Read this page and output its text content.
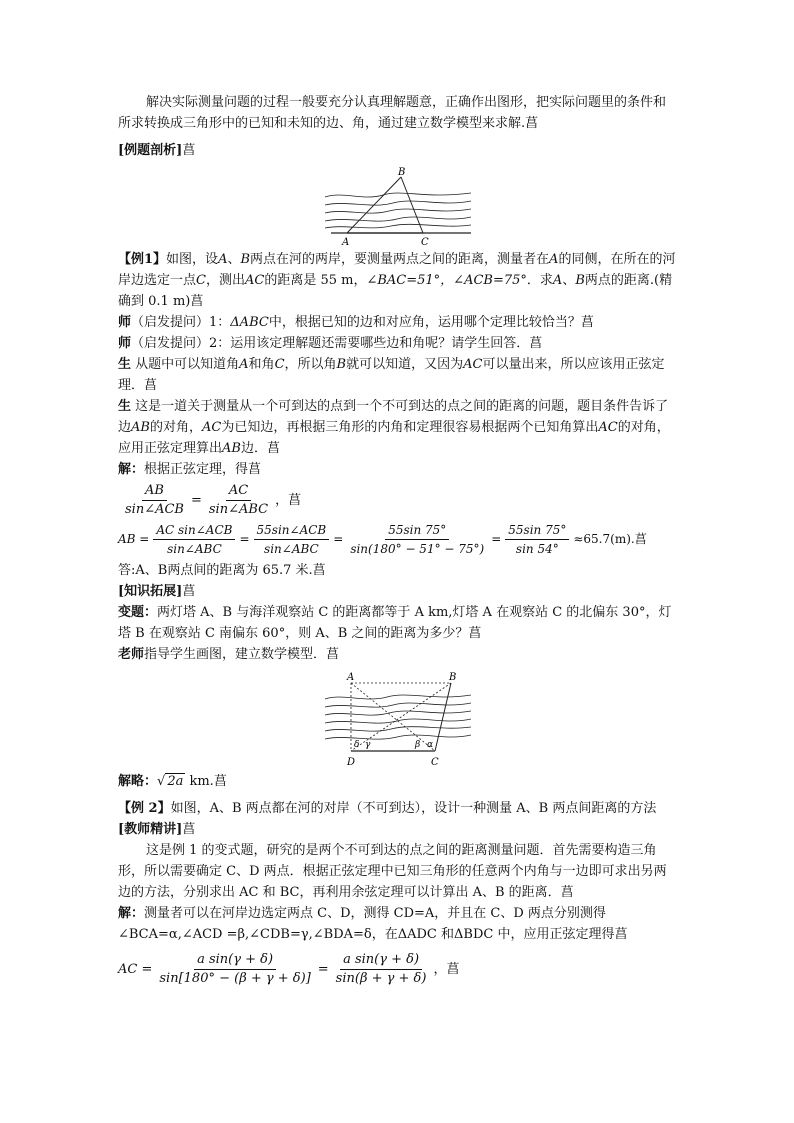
解决实际测量问题的过程一般要充分认真理解题意，正确作出图形，把实际问题里的条件和所求转换成三角形中的已知和未知的边、角，通过建立数学模型来求解.菖

[例题剖析]菖

B
A	C

【例1】如图，设A、B两点在河的两岸，要测量两点之间的距离，测量者在A的同侧，在所在的河岸边选定一点C，测出AC的距离是 55 m，∠BAC=51°，∠ACB=75°．求A、B两点的距离.(精确到 0.1 m)菖

师（启发提问）1：ΔABC中，根据已知的边和对应角，运用哪个定理比较恰当？菖

师（启发提问）2：运用该定理解题还需要哪些边和角呢？请学生回答．菖

生 从题中可以知道角A和角C，所以角B就可以知道，又因为AC可以量出来，所以应该用正弦定理．菖

生 这是一道关于测量从一个可到达的点到一个不可到达的点之间的距离的问题，题目条件告诉了边AB的对角，AC为已知边，再根据三角形的内角和定理很容易根据两个已知角算出AC的对角，应用正弦定理算出AB边．菖

解：根据正弦定理，得菖

$\frac{AB}{\text{sin∠ACB}} = \frac{AC}{\text{sin∠ABC}}$ ，菖
AB = $\frac{\text{AC sin∠ACB}}{\text{sin∠ABC}} = \frac{\text{55sin∠ACB}}{\text{sin∠ABC}} = \frac{55\sin 75^\circ}{\sin(180^\circ - 51^\circ - 75^\circ)} = \frac{55\sin 75^\circ}{\sin 54^\circ} \approx 65.7(m)$.菖

答:A、B两点间的距离为 65.7 米.菖

[知识拓展]菖

变题：两灯塔 A、B 与海洋观察站 C 的距离都等于 A km,灯塔 A 在观察站 C 的北偏东 30°，灯塔 B 在观察站 C 南偏东 60°，则 A、B 之间的距离为多少？菖

老师指导学生画图，建立数学模型．菖

A	B
D	C
δ γ	β α

解略：√ 2a km.菖

【例 2】如图，A、B 两点都在河的对岸（不可到达），设计一种测量 A、B 两点间距离的方法

[教师精讲]菖

这是例 1 的变式题，研究的是两个不可到达的点之间的距离测量问题．首先需要构造三角形，所以需要确定 C、D 两点．根据正弦定理中已知三角形的任意两个内角与一边即可求出另两边的方法，分别求出 AC 和 BC，再利用余弦定理可以计算出 A、B 的距离．菖

解：测量者可以在河岸边选定两点 C、D，测得 CD=A，并且在 C、D 两点分别测得∠BCA=α,∠ACD =β,∠CDB=γ,∠BDA=δ，在ΔADC 和ΔBDC 中，应用正弦定理得菖

AC = $\frac{\text{a sin(γ + δ)}}{\sin[180^\circ - (\beta + \gamma + \delta)]} = \frac{\text{a sin(γ + δ)}}{\sin(\beta + \gamma + \delta)}$ ，菖
